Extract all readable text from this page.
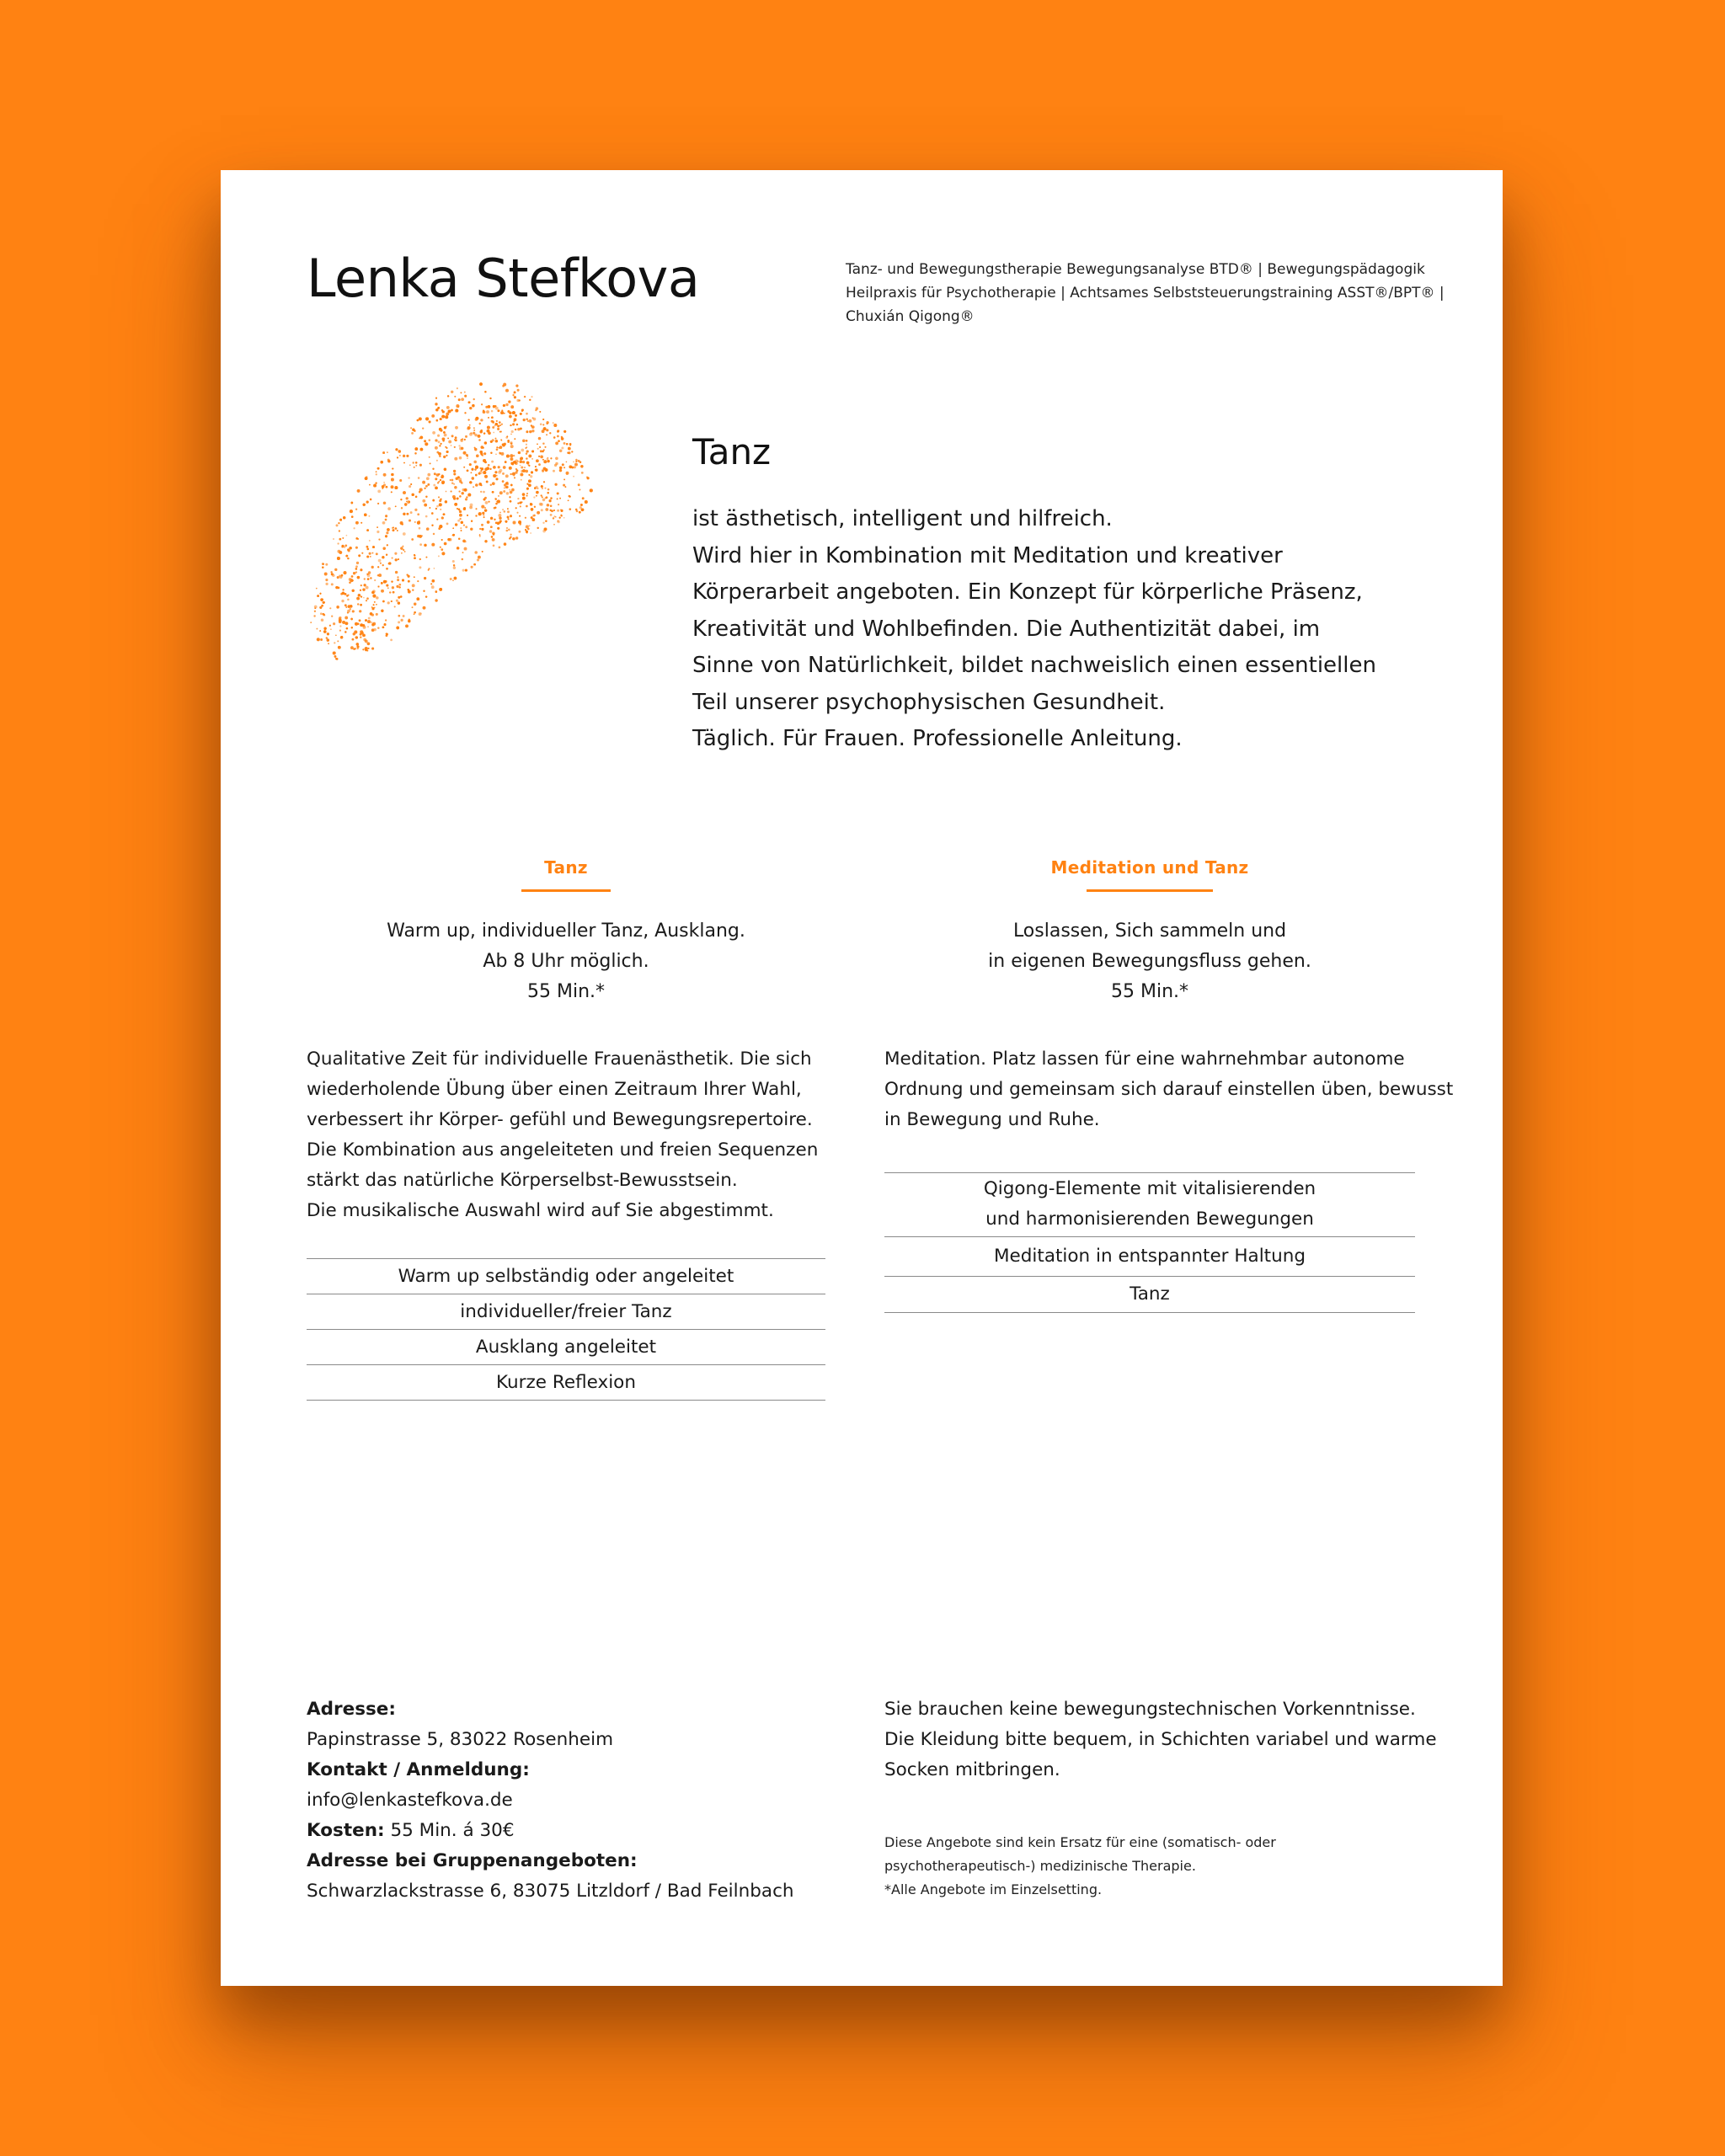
Lenka Stefkova	Tanz- und Bewegungstherapie Bewegungsanalyse BTD® | Bewegungspädagogik
Heilpraxis für Psychotherapie | Achtsames Selbststeuerungstraining ASST®/BPT® |
Chuxián Qigong®
Tanz
ist ästhetisch, intelligent und hilfreich.
Wird hier in Kombination mit Meditation und kreativer
Körperarbeit angeboten. Ein Konzept für körperliche Präsenz,
Kreativität und Wohlbefinden. Die Authentizität dabei, im
Sinne von Natürlichkeit, bildet nachweislich einen essentiellen
Teil unserer psychophysischen Gesundheit.
Täglich. Für Frauen. Professionelle Anleitung.
Tanz
Warm up, individueller Tanz, Ausklang.
Ab 8 Uhr möglich.
55 Min.*
Qualitative Zeit für individuelle Frauenästhetik. Die sich
wiederholende Übung über einen Zeitraum Ihrer Wahl,
verbessert ihr Körper- gefühl und Bewegungsrepertoire.
Die Kombination aus angeleiteten und freien Sequenzen
stärkt das natürliche Körperselbst-Bewusstsein.
Die musikalische Auswahl wird auf Sie abgestimmt.
Warm up selbständig oder angeleitet
individueller/freier Tanz
Ausklang angeleitet
Kurze Reflexion
Meditation und Tanz
Loslassen, Sich sammeln und
in eigenen Bewegungsfluss gehen.
55 Min.*
Meditation. Platz lassen für eine wahrnehmbar autonome
Ordnung und gemeinsam sich darauf einstellen üben, bewusst
in Bewegung und Ruhe.
Qigong-Elemente mit vitalisierenden
und harmonisierenden Bewegungen
Meditation in entspannter Haltung
Tanz
Adresse:
Papinstrasse 5, 83022 Rosenheim
Kontakt / Anmeldung:
info@lenkastefkova.de
Kosten: 55 Min. á 30€
Adresse bei Gruppenangeboten:
Schwarzlackstrasse 6, 83075 Litzldorf / Bad Feilnbach
Sie brauchen keine bewegungstechnischen Vorkenntnisse.
Die Kleidung bitte bequem, in Schichten variabel und warme
Socken mitbringen.
Diese Angebote sind kein Ersatz für eine (somatisch- oder
psychotherapeutisch-) medizinische Therapie.
*Alle Angebote im Einzelsetting.
